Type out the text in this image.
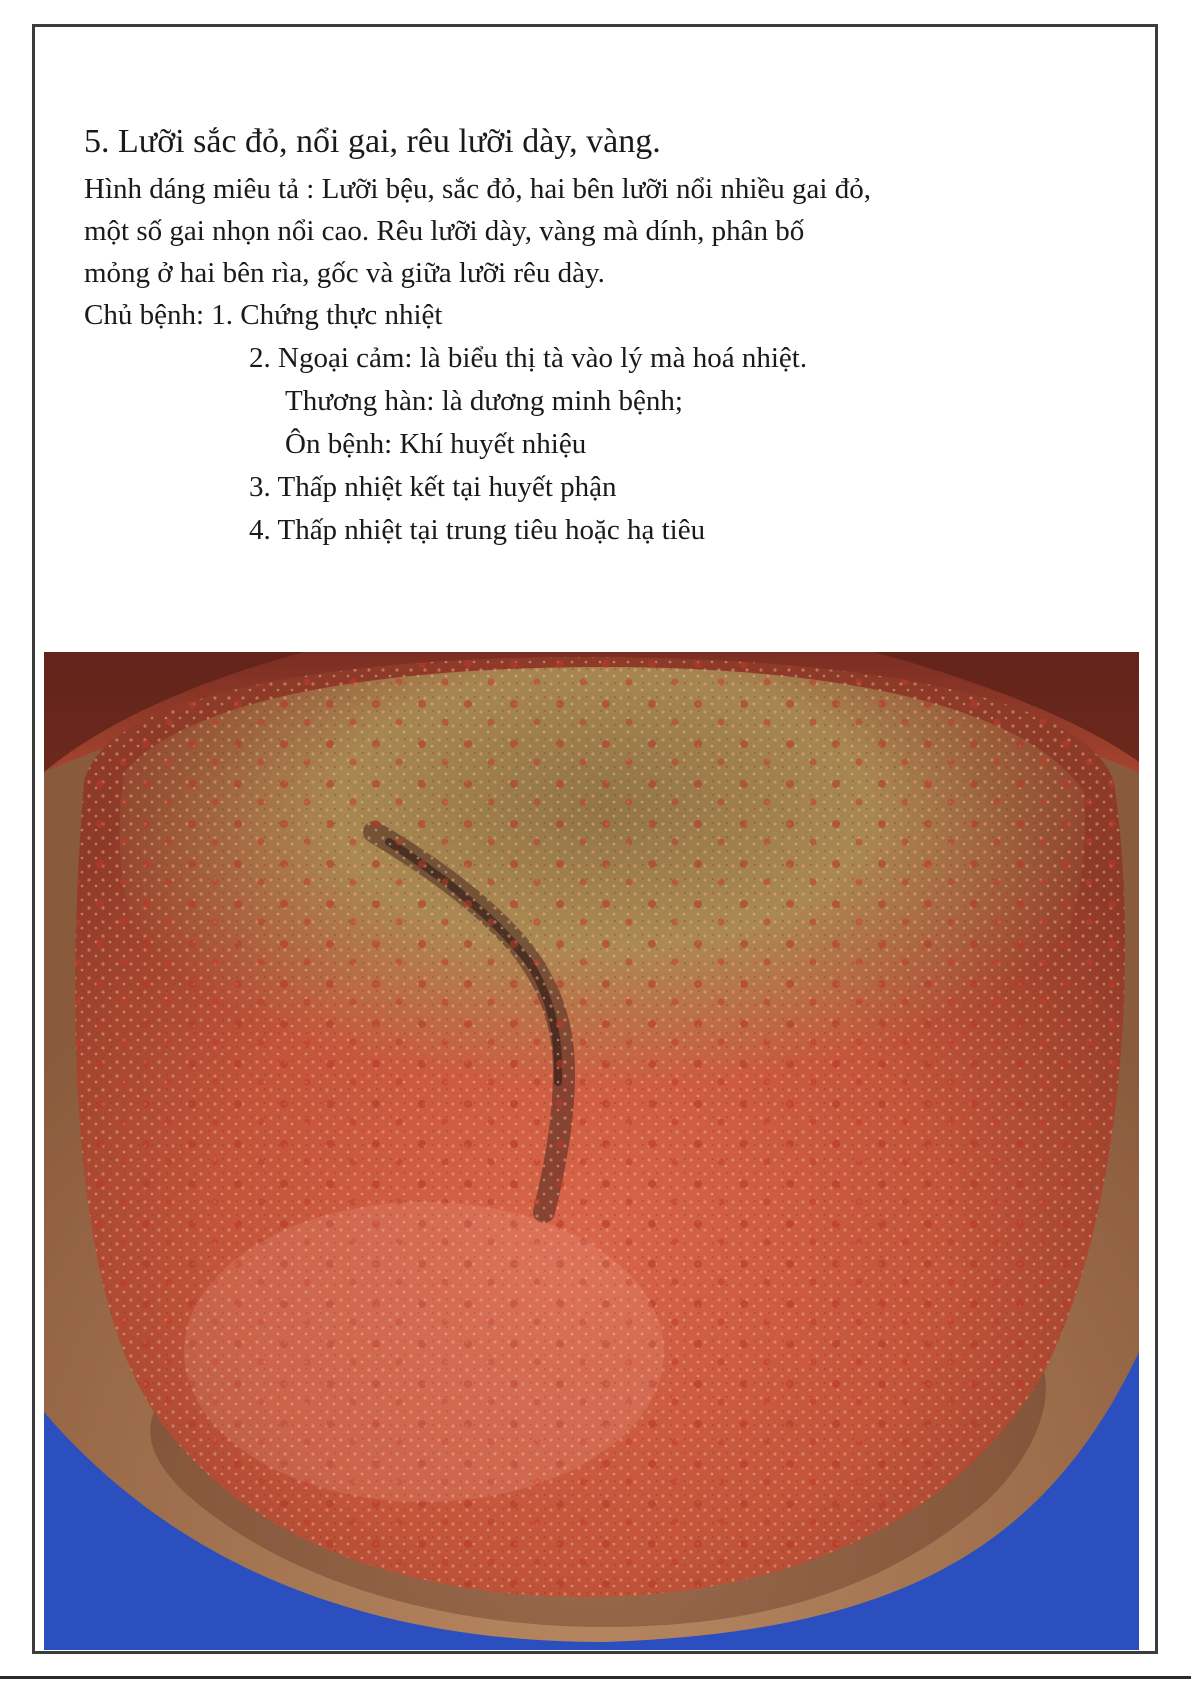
5. Lưỡi sắc đỏ, nổi gai, rêu lưỡi dày, vàng.

Hình dáng miêu tả : Lưỡi bệu, sắc đỏ, hai bên lưỡi nổi nhiều gai đỏ,

một số gai nhọn nổi cao. Rêu lưỡi dày, vàng mà dính, phân bố

mỏng ở hai bên rìa, gốc và giữa lưỡi rêu dày.

Chủ bệnh: 1. Chứng thực nhiệt
2. Ngoại cảm: là biểu thị tà vào lý mà hoá nhiệt.
Thương hàn: là dương minh bệnh;
Ôn bệnh: Khí huyết nhiệu
3. Thấp nhiệt kết tại huyết phận
4. Thấp nhiệt tại trung tiêu hoặc hạ tiêu
